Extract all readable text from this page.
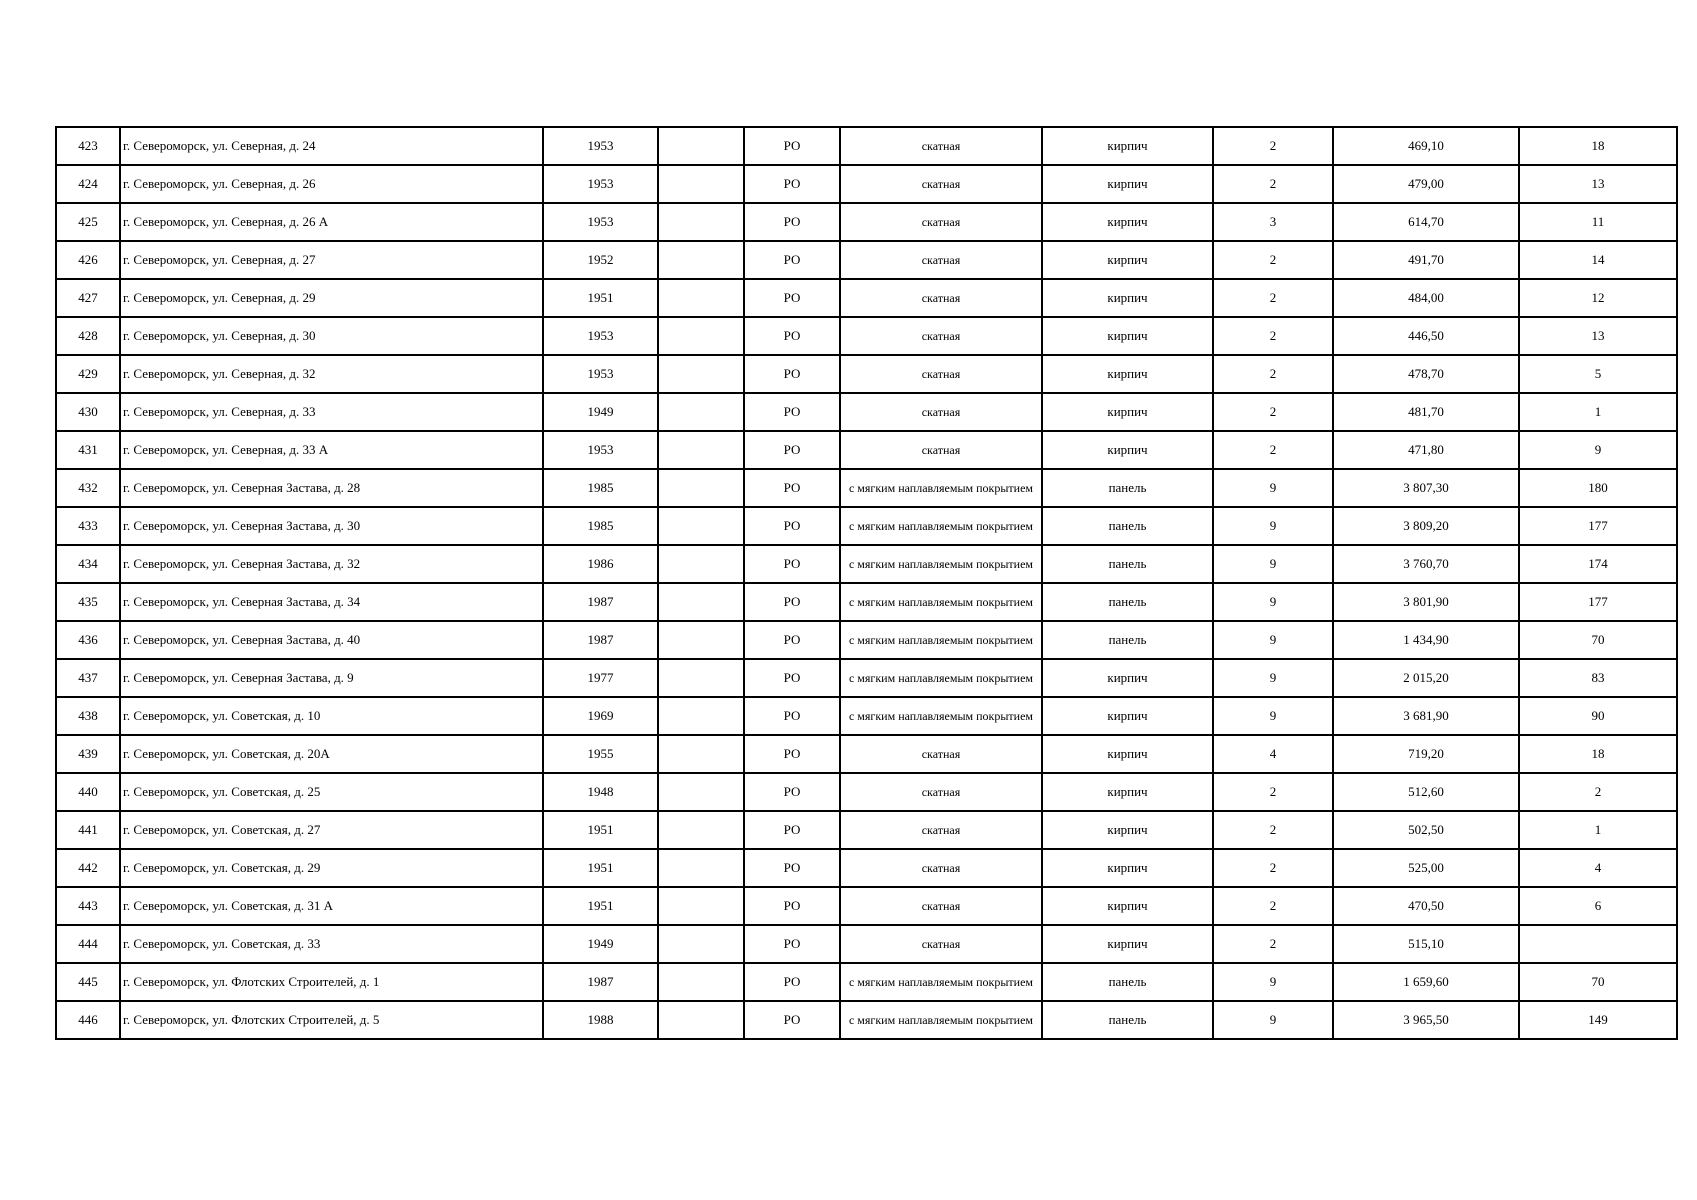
423	г. Североморск, ул. Северная, д. 24	1953		РО	скатная	кирпич	2	469,10	18
424	г. Североморск, ул. Северная, д. 26	1953		РО	скатная	кирпич	2	479,00	13
425	г. Североморск, ул. Северная, д. 26 А	1953		РО	скатная	кирпич	3	614,70	11
426	г. Североморск, ул. Северная, д. 27	1952		РО	скатная	кирпич	2	491,70	14
427	г. Североморск, ул. Северная, д. 29	1951		РО	скатная	кирпич	2	484,00	12
428	г. Североморск, ул. Северная, д. 30	1953		РО	скатная	кирпич	2	446,50	13
429	г. Североморск, ул. Северная, д. 32	1953		РО	скатная	кирпич	2	478,70	5
430	г. Североморск, ул. Северная, д. 33	1949		РО	скатная	кирпич	2	481,70	1
431	г. Североморск, ул. Северная, д. 33 А	1953		РО	скатная	кирпич	2	471,80	9
432	г. Североморск, ул. Северная Застава, д. 28	1985		РО	с мягким наплавляемым покрытием	панель	9	3 807,30	180
433	г. Североморск, ул. Северная Застава, д. 30	1985		РО	с мягким наплавляемым покрытием	панель	9	3 809,20	177
434	г. Североморск, ул. Северная Застава, д. 32	1986		РО	с мягким наплавляемым покрытием	панель	9	3 760,70	174
435	г. Североморск, ул. Северная Застава, д. 34	1987		РО	с мягким наплавляемым покрытием	панель	9	3 801,90	177
436	г. Североморск, ул. Северная Застава, д. 40	1987		РО	с мягким наплавляемым покрытием	панель	9	1 434,90	70
437	г. Североморск, ул. Северная Застава, д. 9	1977		РО	с мягким наплавляемым покрытием	кирпич	9	2 015,20	83
438	г. Североморск, ул. Советская, д. 10	1969		РО	с мягким наплавляемым покрытием	кирпич	9	3 681,90	90
439	г. Североморск, ул. Советская, д. 20А	1955		РО	скатная	кирпич	4	719,20	18
440	г. Североморск, ул. Советская, д. 25	1948		РО	скатная	кирпич	2	512,60	2
441	г. Североморск, ул. Советская, д. 27	1951		РО	скатная	кирпич	2	502,50	1
442	г. Североморск, ул. Советская, д. 29	1951		РО	скатная	кирпич	2	525,00	4
443	г. Североморск, ул. Советская, д. 31 А	1951		РО	скатная	кирпич	2	470,50	6
444	г. Североморск, ул. Советская, д. 33	1949		РО	скатная	кирпич	2	515,10	
445	г. Североморск, ул. Флотских Строителей, д. 1	1987		РО	с мягким наплавляемым покрытием	панель	9	1 659,60	70
446	г. Североморск, ул. Флотских Строителей, д. 5	1988		РО	с мягким наплавляемым покрытием	панель	9	3 965,50	149
